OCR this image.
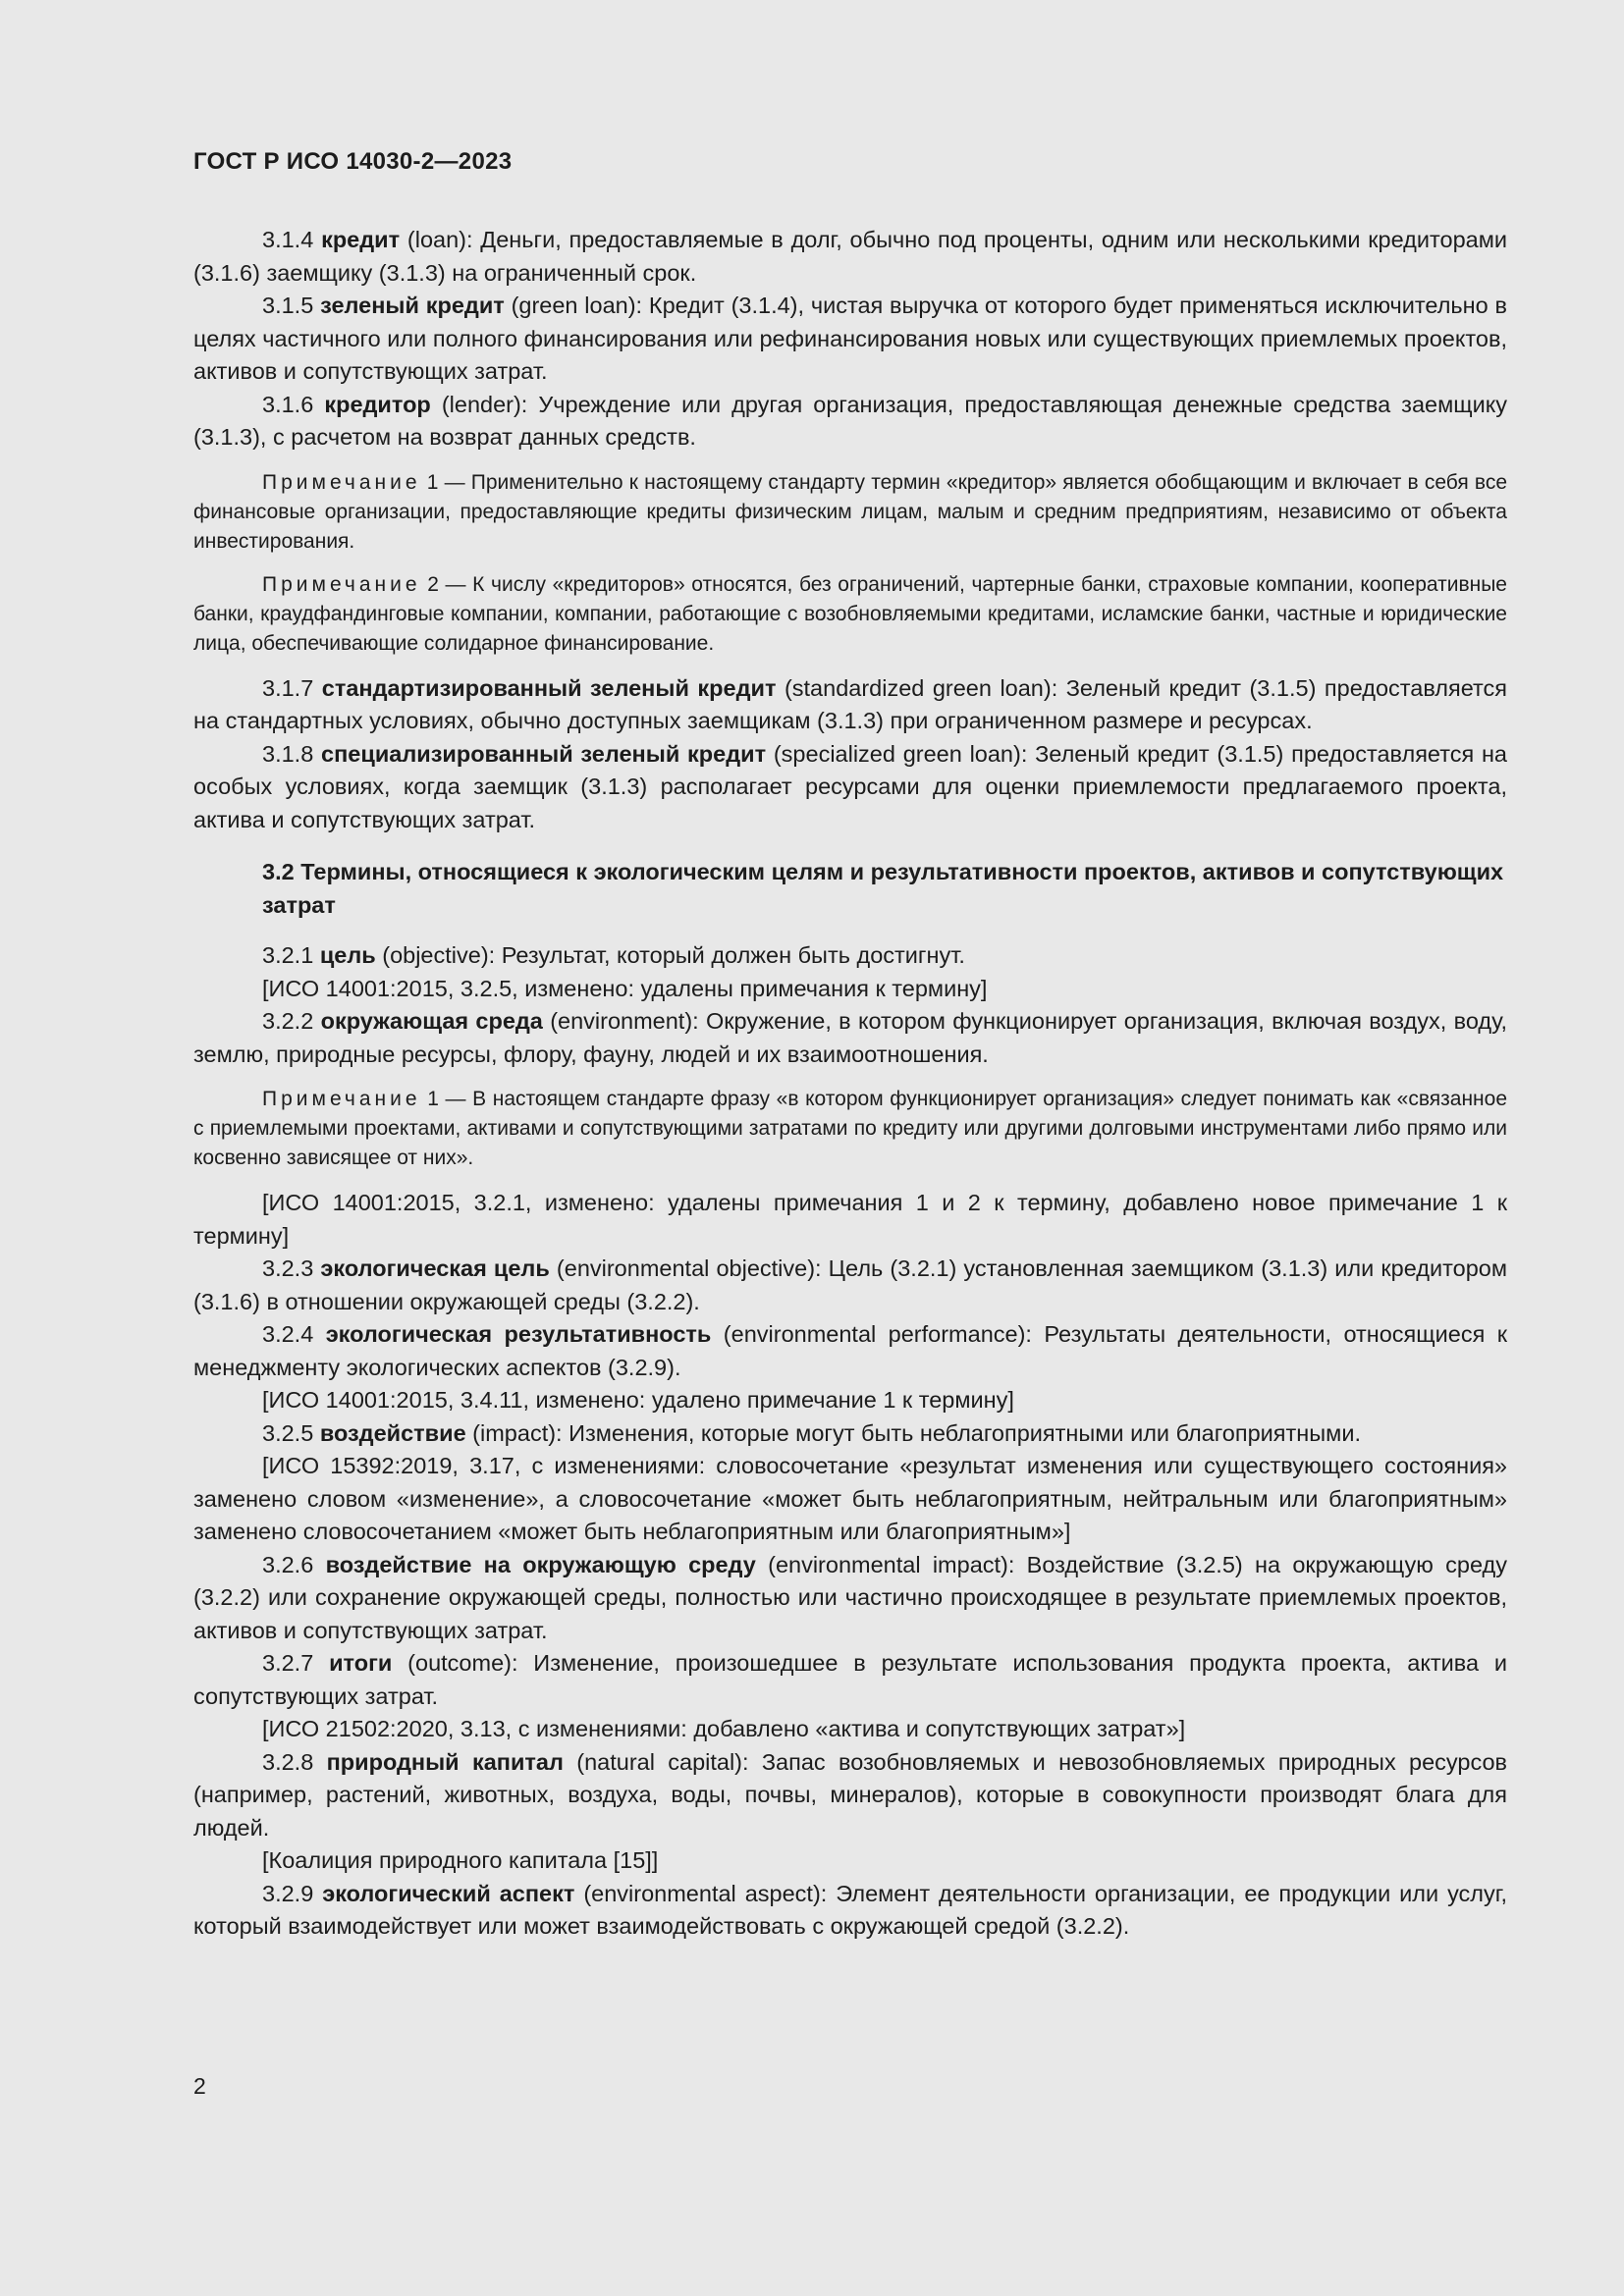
ГОСТ Р ИСО 14030-2—2023

3.1.4 кредит (loan): Деньги, предоставляемые в долг, обычно под проценты, одним или несколькими кредиторами (3.1.6) заемщику (3.1.3) на ограниченный срок.

3.1.5 зеленый кредит (green loan): Кредит (3.1.4), чистая выручка от которого будет применяться исключительно в целях частичного или полного финансирования или рефинансирования новых или существующих приемлемых проектов, активов и сопутствующих затрат.

3.1.6 кредитор (lender): Учреждение или другая организация, предоставляющая денежные средства заемщику (3.1.3), с расчетом на возврат данных средств.

Примечание 1 — Применительно к настоящему стандарту термин «кредитор» является обобщающим и включает в себя все финансовые организации, предоставляющие кредиты физическим лицам, малым и средним предприятиям, независимо от объекта инвестирования.

Примечание 2 — К числу «кредиторов» относятся, без ограничений, чартерные банки, страховые компании, кооперативные банки, краудфандинговые компании, компании, работающие с возобновляемыми кредитами, исламские банки, частные и юридические лица, обеспечивающие солидарное финансирование.

3.1.7 стандартизированный зеленый кредит (standardized green loan): Зеленый кредит (3.1.5) предоставляется на стандартных условиях, обычно доступных заемщикам (3.1.3) при ограниченном размере и ресурсах.

3.1.8 специализированный зеленый кредит (specialized green loan): Зеленый кредит (3.1.5) предоставляется на особых условиях, когда заемщик (3.1.3) располагает ресурсами для оценки приемлемости предлагаемого проекта, актива и сопутствующих затрат.

3.2 Термины, относящиеся к экологическим целям и результативности проектов, активов и сопутствующих затрат

3.2.1 цель (objective): Результат, который должен быть достигнут.

[ИСО 14001:2015, 3.2.5, изменено: удалены примечания к термину]

3.2.2 окружающая среда (environment): Окружение, в котором функционирует организация, включая воздух, воду, землю, природные ресурсы, флору, фауну, людей и их взаимоотношения.

Примечание 1 — В настоящем стандарте фразу «в котором функционирует организация» следует понимать как «связанное с приемлемыми проектами, активами и сопутствующими затратами по кредиту или другими долговыми инструментами либо прямо или косвенно зависящее от них».

[ИСО 14001:2015, 3.2.1, изменено: удалены примечания 1 и 2 к термину, добавлено новое примечание 1 к термину]

3.2.3 экологическая цель (environmental objective): Цель (3.2.1) установленная заемщиком (3.1.3) или кредитором (3.1.6) в отношении окружающей среды (3.2.2).

3.2.4 экологическая результативность (environmental performance): Результаты деятельности, относящиеся к менеджменту экологических аспектов (3.2.9).

[ИСО 14001:2015, 3.4.11, изменено: удалено примечание 1 к термину]

3.2.5 воздействие (impact): Изменения, которые могут быть неблагоприятными или благоприятными.

[ИСО 15392:2019, 3.17, с изменениями: словосочетание «результат изменения или существующего состояния» заменено словом «изменение», а словосочетание «может быть неблагоприятным, нейтральным или благоприятным» заменено словосочетанием «может быть неблагоприятным или благоприятным»]

3.2.6 воздействие на окружающую среду (environmental impact): Воздействие (3.2.5) на окружающую среду (3.2.2) или сохранение окружающей среды, полностью или частично происходящее в результате приемлемых проектов, активов и сопутствующих затрат.

3.2.7 итоги (outcome): Изменение, произошедшее в результате использования продукта проекта, актива и сопутствующих затрат.

[ИСО 21502:2020, 3.13, с изменениями: добавлено «актива и сопутствующих затрат»]

3.2.8 природный капитал (natural capital): Запас возобновляемых и невозобновляемых природных ресурсов (например, растений, животных, воздуха, воды, почвы, минералов), которые в совокупности производят блага для людей.

[Коалиция природного капитала [15]]

3.2.9 экологический аспект (environmental aspect): Элемент деятельности организации, ее продукции или услуг, который взаимодействует или может взаимодействовать с окружающей средой (3.2.2).

2
